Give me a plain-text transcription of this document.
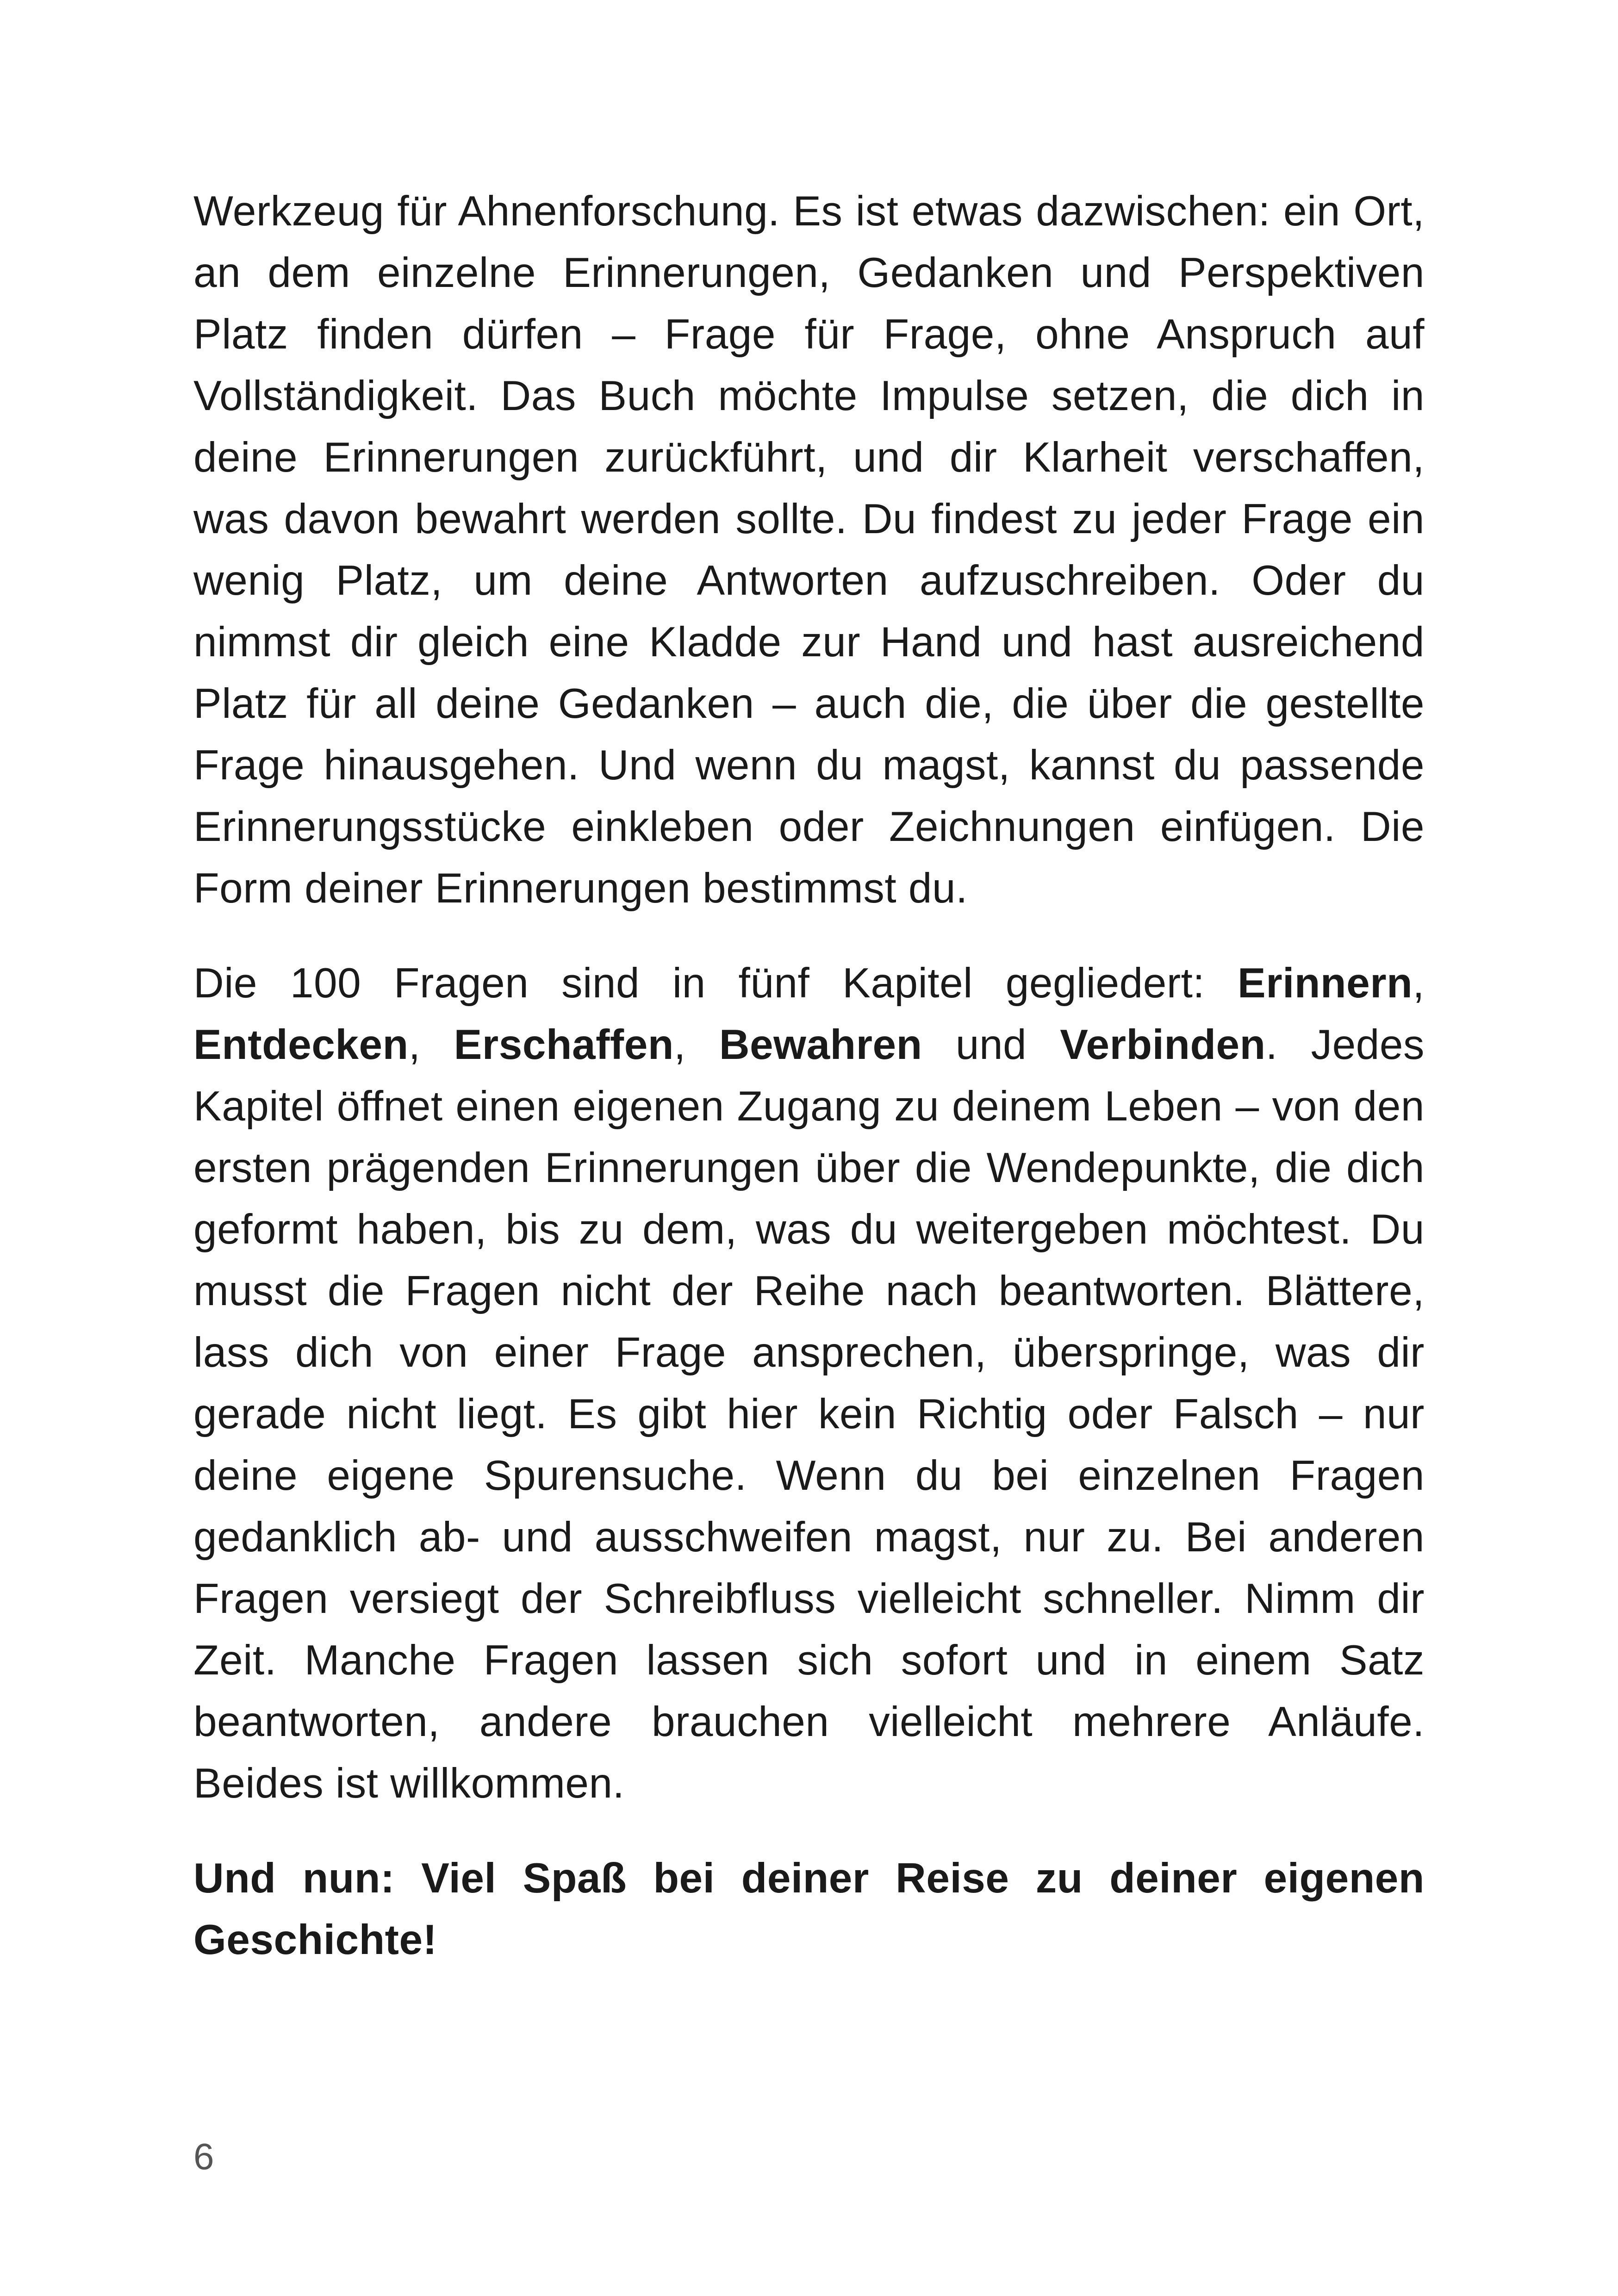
Werkzeug für Ahnenforschung. Es ist etwas dazwischen: ein Ort, an dem einzelne Erinnerungen, Gedanken und Perspektiven Platz finden dürfen – Frage für Frage, ohne Anspruch auf Vollständigkeit. Das Buch möchte Impulse setzen, die dich in deine Erinnerungen zurückführt, und dir Klarheit verschaffen, was davon bewahrt werden sollte. Du findest zu jeder Frage ein wenig Platz, um deine Antworten aufzuschreiben. Oder du nimmst dir gleich eine Kladde zur Hand und hast ausreichend Platz für all deine Gedanken – auch die, die über die gestellte Frage hinausgehen. Und wenn du magst, kannst du passende Erinnerungsstücke einkleben oder Zeichnungen einfügen. Die Form deiner Erinnerungen bestimmst du.

Die 100 Fragen sind in fünf Kapitel gegliedert: Erinnern, Entdecken, Erschaffen, Bewahren und Verbinden. Jedes Kapitel öffnet einen eigenen Zugang zu deinem Leben – von den ersten prägenden Erinnerungen über die Wendepunkte, die dich geformt haben, bis zu dem, was du weitergeben möchtest. Du musst die Fragen nicht der Reihe nach beantworten. Blättere, lass dich von einer Frage ansprechen, überspringe, was dir gerade nicht liegt. Es gibt hier kein Richtig oder Falsch – nur deine eigene Spurensuche. Wenn du bei einzelnen Fragen gedanklich ab- und ausschweifen magst, nur zu. Bei anderen Fragen versiegt der Schreibfluss vielleicht schneller. Nimm dir Zeit. Manche Fragen lassen sich sofort und in einem Satz beantworten, andere brauchen vielleicht mehrere Anläufe. Beides ist willkommen.

Und nun: Viel Spaß bei deiner Reise zu deiner eigenen Geschichte!

6
